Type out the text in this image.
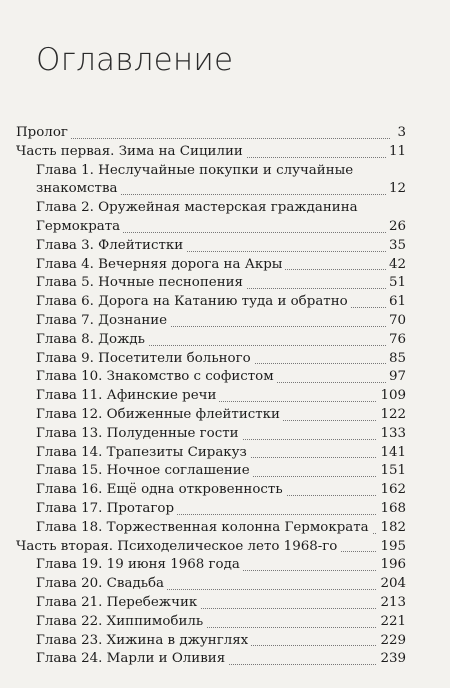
Оглавление
Пролог	3
Часть первая. Зима на Сицилии	11
Глава 1. Неслучайные покупки и случайные
знакомства	12
Глава 2. Оружейная мастерская гражданина
Гермократа	26
Глава 3. Флейтистки	35
Глава 4. Вечерняя дорога на Акры	42
Глава 5. Ночные песнопения	51
Глава 6. Дорога на Катанию туда и обратно	61
Глава 7. Дознание	70
Глава 8. Дождь	76
Глава 9. Посетители больного	85
Глава 10. Знакомство с софистом	97
Глава 11. Афинские речи	109
Глава 12. Обиженные флейтистки	122
Глава 13. Полуденные гости	133
Глава 14. Трапезиты Сиракуз	141
Глава 15. Ночное соглашение	151
Глава 16. Ещё одна откровенность	162
Глава 17. Протагор	168
Глава 18. Торжественная колонна Гермократа 182
Часть вторая. Психоделическое лето 1968-го	195
Глава 19. 19 июня 1968 года	196
Глава 20. Свадьба	204
Глава 21. Перебежчик	213
Глава 22. Хиппимобиль	221
Глава 23. Хижина в джунглях	229
Глава 24. Марли и Оливия	239
